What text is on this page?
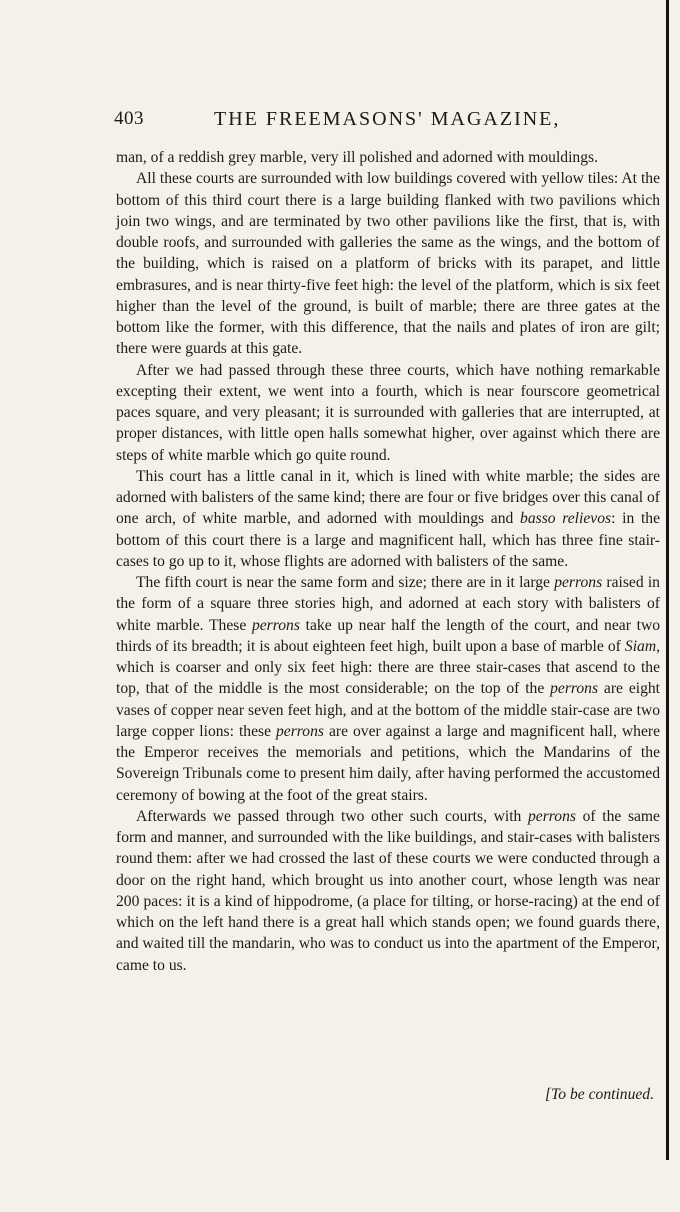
403	THE FREEMASONS' MAGAZINE,

man, of a reddish grey marble, very ill polished and adorned with mouldings.

All these courts are surrounded with low buildings covered with yellow tiles: At the bottom of this third court there is a large building flanked with two pavilions which join two wings, and are terminated by two other pavilions like the first, that is, with double roofs, and surrounded with galleries the same as the wings, and the bottom of the building, which is raised on a platform of bricks with its parapet, and little embrasures, and is near thirty-five feet high: the level of the platform, which is six feet higher than the level of the ground, is built of marble; there are three gates at the bottom like the former, with this difference, that the nails and plates of iron are gilt; there were guards at this gate.

After we had passed through these three courts, which have nothing remarkable excepting their extent, we went into a fourth, which is near fourscore geometrical paces square, and very pleasant; it is surrounded with galleries that are interrupted, at proper distances, with little open halls somewhat higher, over against which there are steps of white marble which go quite round.

This court has a little canal in it, which is lined with white marble; the sides are adorned with balisters of the same kind; there are four or five bridges over this canal of one arch, of white marble, and adorned with mouldings and basso relievos: in the bottom of this court there is a large and magnificent hall, which has three fine stair-cases to go up to it, whose flights are adorned with balisters of the same.

The fifth court is near the same form and size; there are in it large perrons raised in the form of a square three stories high, and adorned at each story with balisters of white marble. These perrons take up near half the length of the court, and near two thirds of its breadth; it is about eighteen feet high, built upon a base of marble of Siam, which is coarser and only six feet high: there are three stair-cases that ascend to the top, that of the middle is the most considerable; on the top of the perrons are eight vases of copper near seven feet high, and at the bottom of the middle stair-case are two large copper lions: these perrons are over against a large and magnificent hall, where the Emperor receives the memorials and petitions, which the Mandarins of the Sovereign Tribunals come to present him daily, after having performed the accustomed ceremony of bowing at the foot of the great stairs.

Afterwards we passed through two other such courts, with perrons of the same form and manner, and surrounded with the like buildings, and stair-cases with balisters round them: after we had crossed the last of these courts we were conducted through a door on the right hand, which brought us into another court, whose length was near 200 paces: it is a kind of hippodrome, (a place for tilting, or horse-racing) at the end of which on the left hand there is a great hall which stands open; we found guards there, and waited till the mandarin, who was to conduct us into the apartment of the Emperor, came to us.

[To be continued.
